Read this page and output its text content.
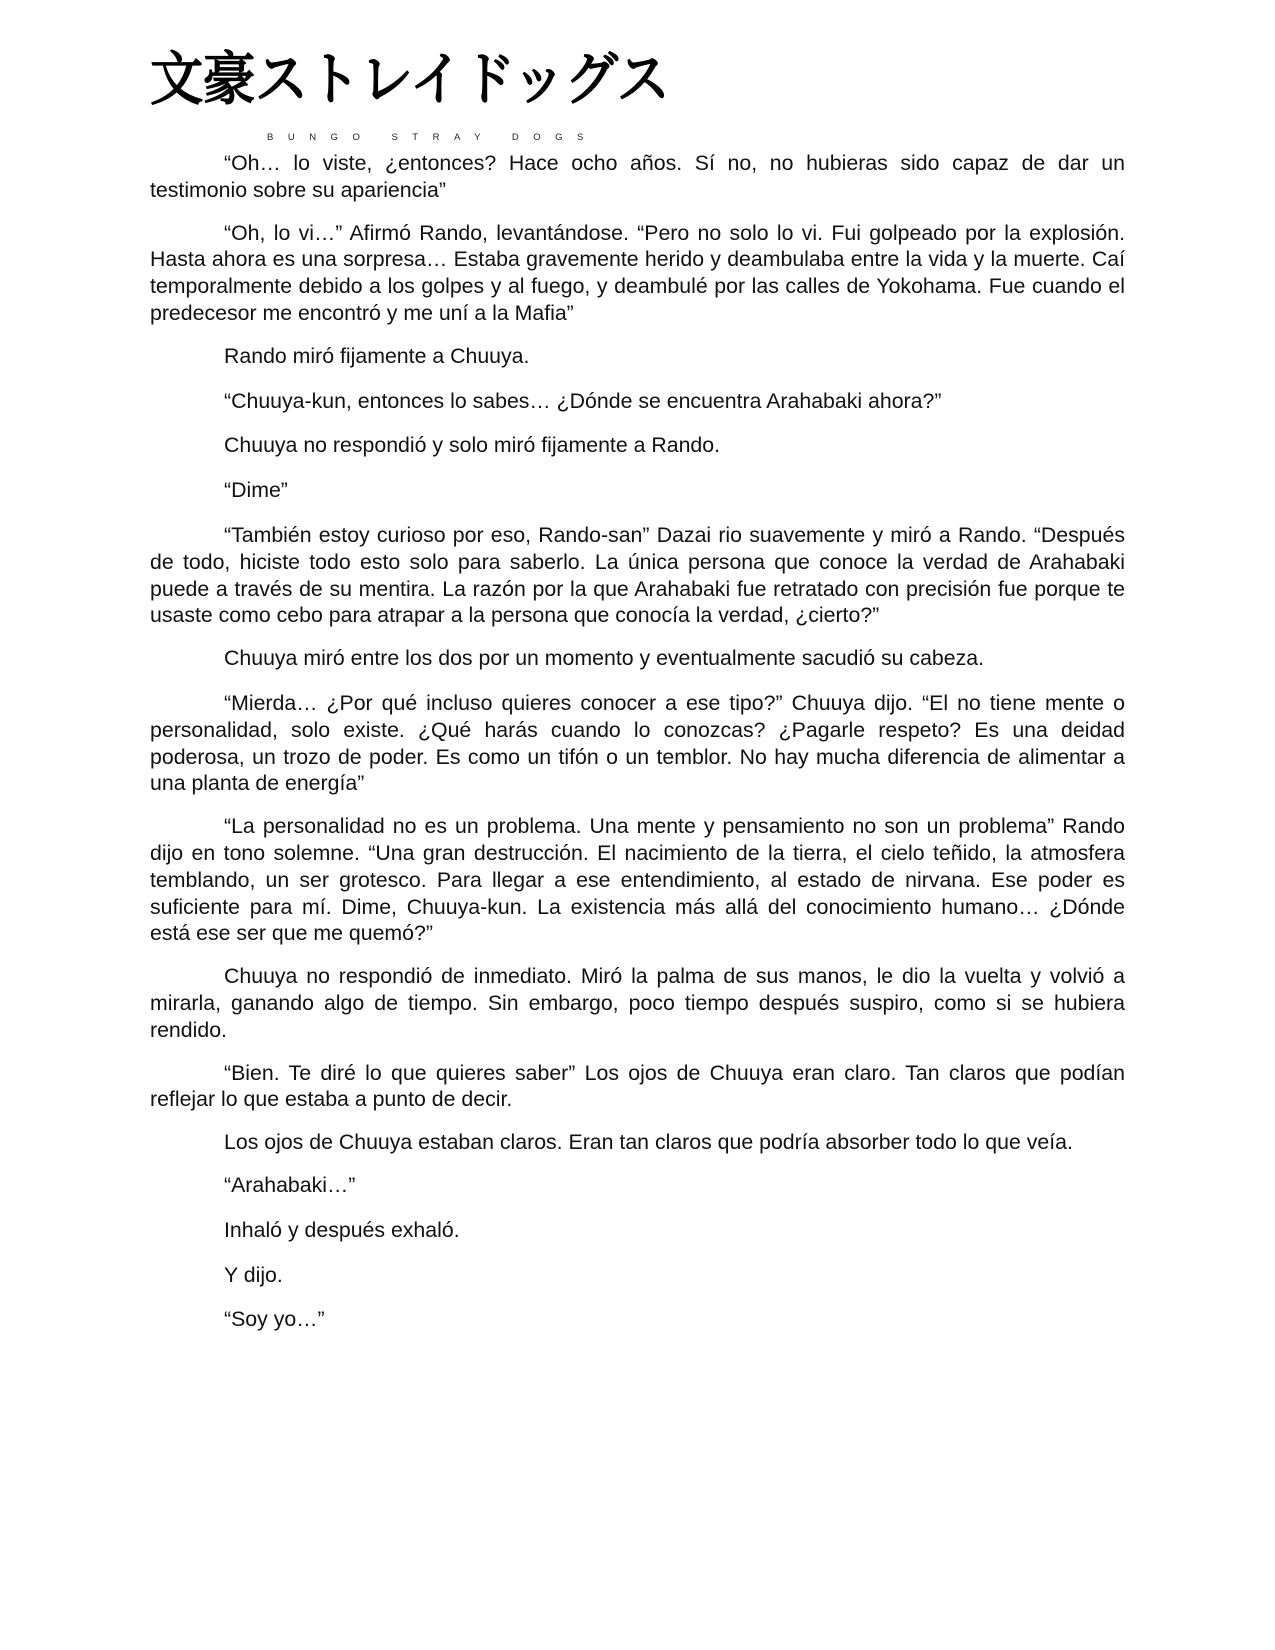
文豪ストレイドッグス
BUNGO STRAY DOGS

“Oh… lo viste, ¿entonces? Hace ocho años. Sí no, no hubieras sido capaz de dar un testimonio sobre su apariencia”

“Oh, lo vi…” Afirmó Rando, levantándose. “Pero no solo lo vi. Fui golpeado por la explosión. Hasta ahora es una sorpresa… Estaba gravemente herido y deambulaba entre la vida y la muerte. Caí temporalmente debido a los golpes y al fuego, y deambulé por las calles de Yokohama. Fue cuando el predecesor me encontró y me uní a la Mafia”

Rando miró fijamente a Chuuya.

“Chuuya-kun, entonces lo sabes… ¿Dónde se encuentra Arahabaki ahora?”

Chuuya no respondió y solo miró fijamente a Rando.

“Dime”

“También estoy curioso por eso, Rando-san” Dazai rio suavemente y miró a Rando. “Después de todo, hiciste todo esto solo para saberlo. La única persona que conoce la verdad de Arahabaki puede a través de su mentira. La razón por la que Arahabaki fue retratado con precisión fue porque te usaste como cebo para atrapar a la persona que conocía la verdad, ¿cierto?”

Chuuya miró entre los dos por un momento y eventualmente sacudió su cabeza.

“Mierda… ¿Por qué incluso quieres conocer a ese tipo?” Chuuya dijo. “El no tiene mente o personalidad, solo existe. ¿Qué harás cuando lo conozcas? ¿Pagarle respeto? Es una deidad poderosa, un trozo de poder. Es como un tifón o un temblor. No hay mucha diferencia de alimentar a una planta de energía”

“La personalidad no es un problema. Una mente y pensamiento no son un problema” Rando dijo en tono solemne. “Una gran destrucción. El nacimiento de la tierra, el cielo teñido, la atmosfera temblando, un ser grotesco. Para llegar a ese entendimiento, al estado de nirvana. Ese poder es suficiente para mí. Dime, Chuuya-kun. La existencia más allá del conocimiento humano… ¿Dónde está ese ser que me quemó?”

Chuuya no respondió de inmediato. Miró la palma de sus manos, le dio la vuelta y volvió a mirarla, ganando algo de tiempo. Sin embargo, poco tiempo después suspiro, como si se hubiera rendido.

“Bien. Te diré lo que quieres saber” Los ojos de Chuuya eran claro. Tan claros que podían reflejar lo que estaba a punto de decir.

Los ojos de Chuuya estaban claros. Eran tan claros que podría absorber todo lo que veía.

“Arahabaki…”

Inhaló y después exhaló.

Y dijo.

“Soy yo…”
